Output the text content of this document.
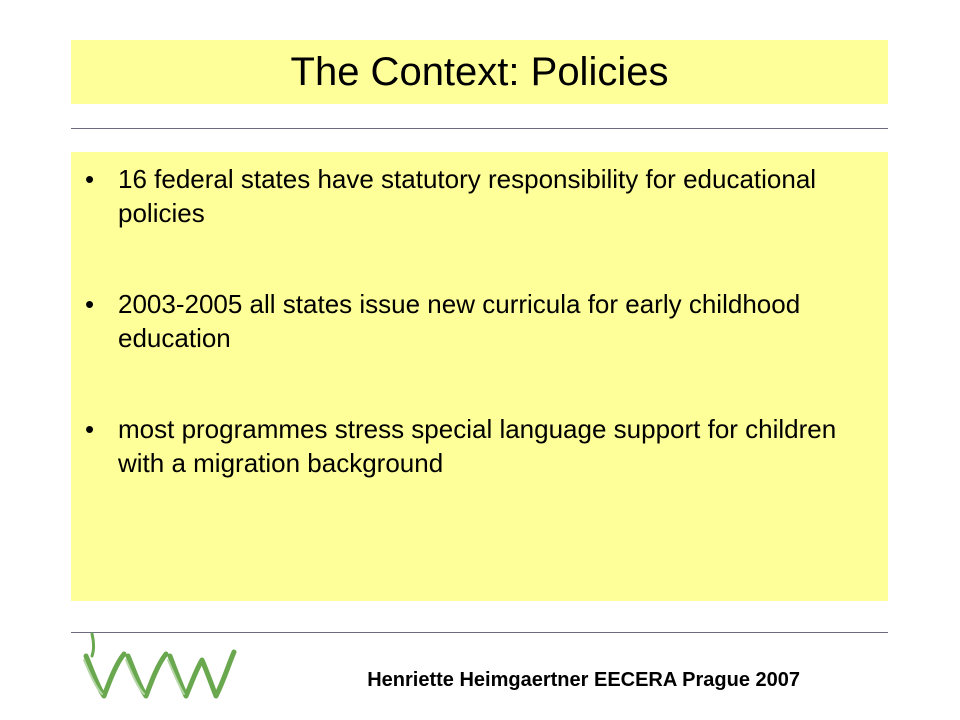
The Context: Policies
• 16 federal states have statutory responsibility for educational policies
• 2003-2005 all states issue new curricula for early childhood education
• most programmes stress special language support for children with a migration background
Henriette Heimgaertner EECERA Prague 2007
